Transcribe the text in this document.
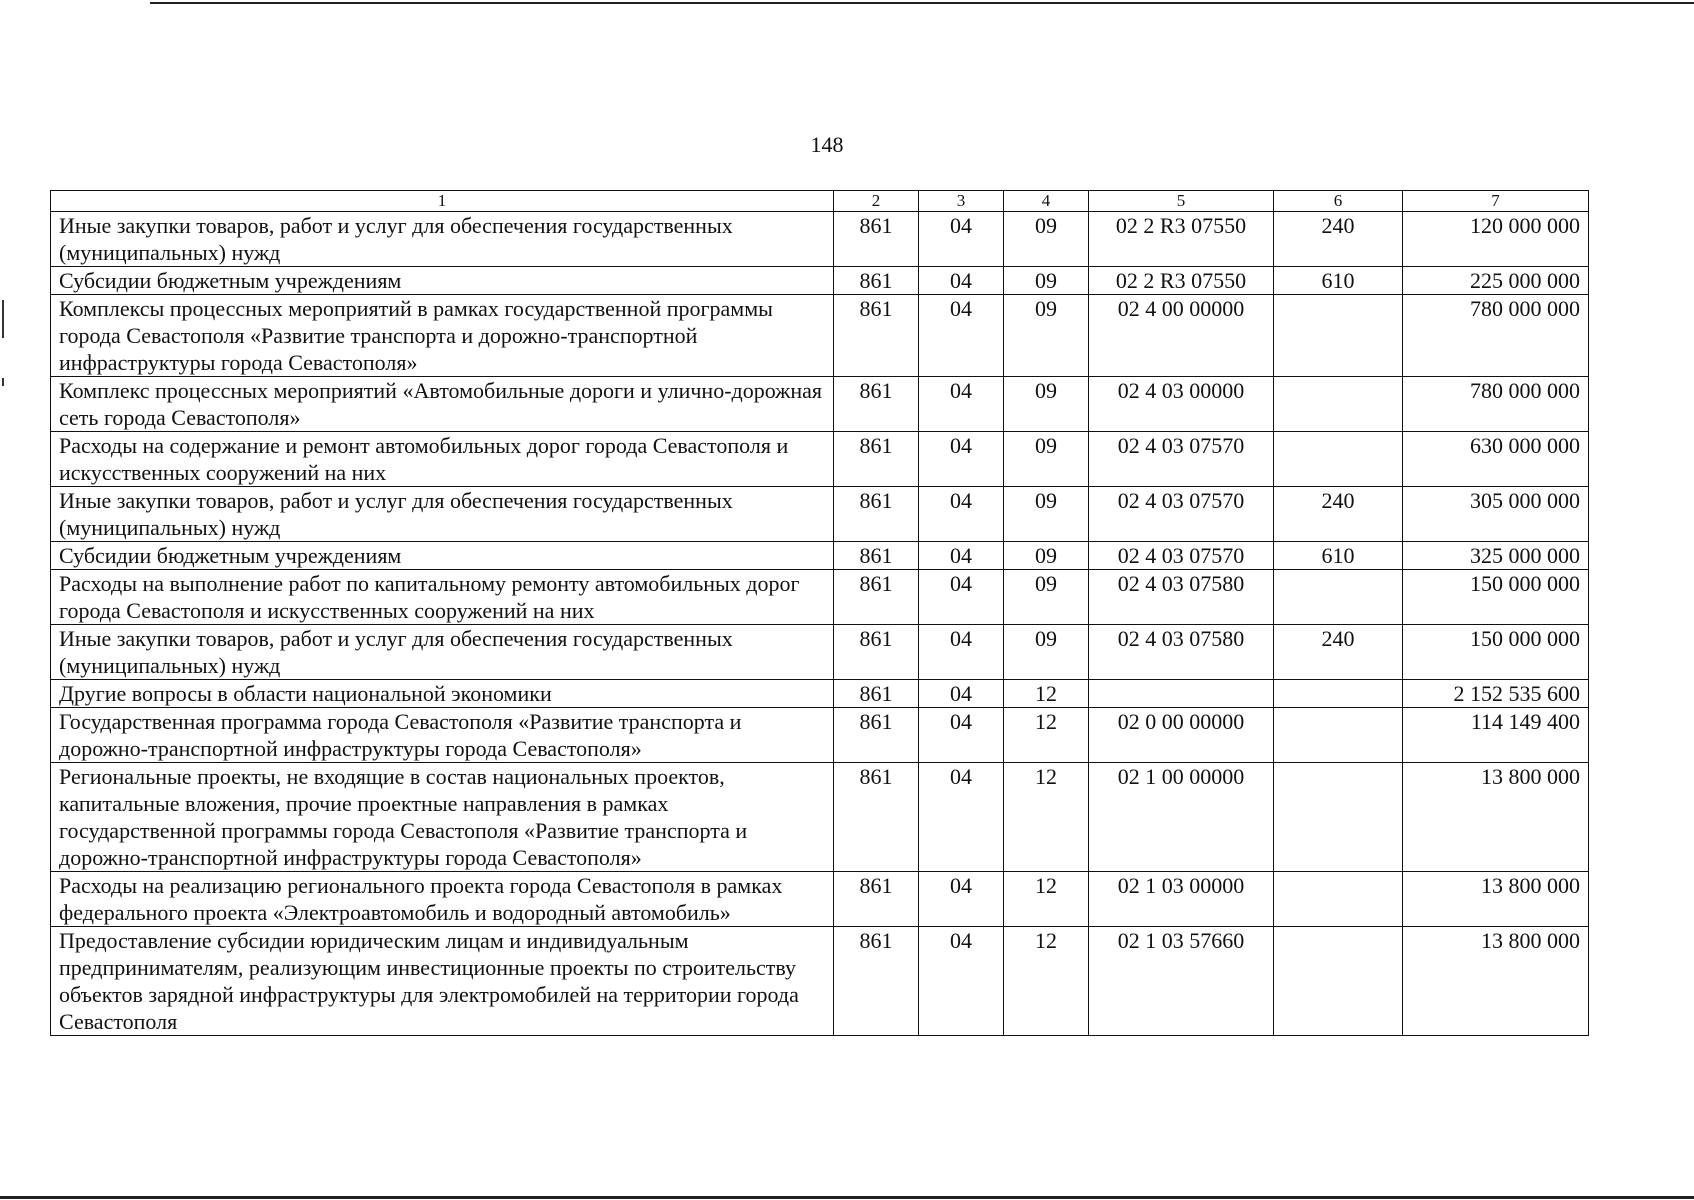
148
1	2	3	4	5	6	7
Иные закупки товаров, работ и услуг для обеспечения государственных (муниципальных) нужд	861	04	09	02 2 R3 07550	240	120 000 000
Субсидии бюджетным учреждениям	861	04	09	02 2 R3 07550	610	225 000 000
Комплексы процессных мероприятий в рамках государственной программы города Севастополя «Развитие транспорта и дорожно-транспортной инфраструктуры города Севастополя»	861	04	09	02 4 00 00000		780 000 000
Комплекс процессных мероприятий «Автомобильные дороги и улично-дорожная сеть города Севастополя»	861	04	09	02 4 03 00000		780 000 000
Расходы на содержание и ремонт автомобильных дорог города Севастополя и искусственных сооружений на них	861	04	09	02 4 03 07570		630 000 000
Иные закупки товаров, работ и услуг для обеспечения государственных (муниципальных) нужд	861	04	09	02 4 03 07570	240	305 000 000
Субсидии бюджетным учреждениям	861	04	09	02 4 03 07570	610	325 000 000
Расходы на выполнение работ по капитальному ремонту автомобильных дорог города Севастополя и искусственных сооружений на них	861	04	09	02 4 03 07580		150 000 000
Иные закупки товаров, работ и услуг для обеспечения государственных (муниципальных) нужд	861	04	09	02 4 03 07580	240	150 000 000
Другие вопросы в области национальной экономики	861	04	12			2 152 535 600
Государственная программа города Севастополя «Развитие транспорта и дорожно-транспортной инфраструктуры города Севастополя»	861	04	12	02 0 00 00000		114 149 400
Региональные проекты, не входящие в состав национальных проектов, капитальные вложения, прочие проектные направления в рамках государственной программы города Севастополя «Развитие транспорта и дорожно-транспортной инфраструктуры города Севастополя»	861	04	12	02 1 00 00000		13 800 000
Расходы на реализацию регионального проекта города Севастополя в рамках федерального проекта «Электроавтомобиль и водородный автомобиль»	861	04	12	02 1 03 00000		13 800 000
Предоставление субсидии юридическим лицам и индивидуальным предпринимателям, реализующим инвестиционные проекты по строительству объектов зарядной инфраструктуры для электромобилей на территории города Севастополя	861	04	12	02 1 03 57660		13 800 000
